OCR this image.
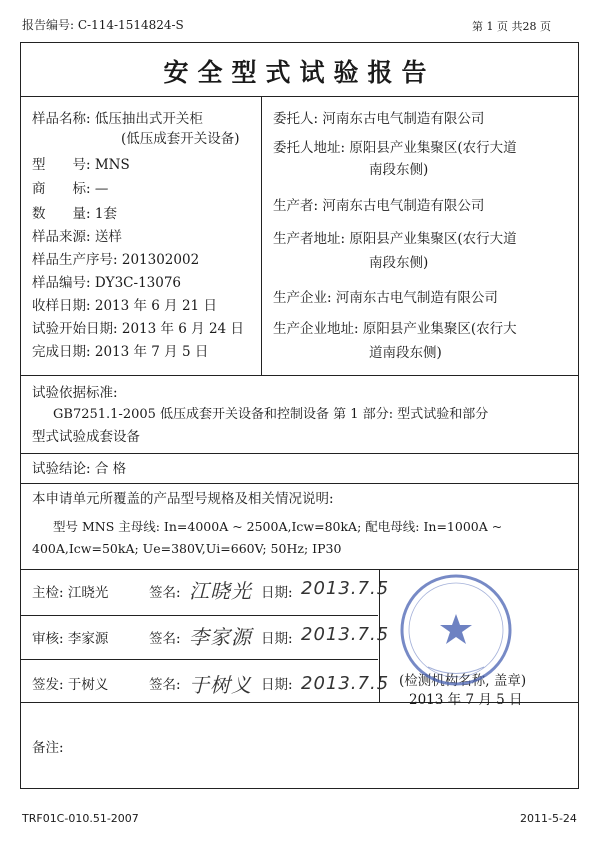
报告编号: C-114-1514824-S	第 1 页 共28 页
安全型式试验报告
样品名称: 低压抽出式开关柜
(低压成套开关设备)
型　　号: MNS
商　　标: —
数　　量: 1套
样品来源: 送样
样品生产序号: 201302002
样品编号: DY3C-13076
收样日期: 2013 年 6 月 21 日
试验开始日期: 2013 年 6 月 24 日
完成日期: 2013 年 7 月 5 日
委托人: 河南东古电气制造有限公司
委托人地址: 原阳县产业集聚区(农行大道
南段东侧)
生产者: 河南东古电气制造有限公司
生产者地址: 原阳县产业集聚区(农行大道
南段东侧)
生产企业: 河南东古电气制造有限公司
生产企业地址: 原阳县产业集聚区(农行大
道南段东侧)
试验依据标准:
GB7251.1-2005 低压成套开关设备和控制设备 第 1 部分: 型式试验和部分
型式试验成套设备
试验结论: 合 格
本申请单元所覆盖的产品型号规格及相关情况说明:
型号 MNS 主母线: In=4000A ~ 2500A,Icw=80kA; 配电母线: In=1000A ~
400A,Icw=50kA; Ue=380V,Ui=660V; 50Hz; IP30
主检: 江晓光	签名: 江晓光 日期: 2013.7.5
审核: 李家源	签名: 李家源 日期: 2013.7.5
签发: 于树义	签名: 于树义 日期: 2013.7.5 (检测机构名称, 盖章)
2013 年 7 月 5 日
备注:
TRF01C-010.51-2007	2011-5-24
